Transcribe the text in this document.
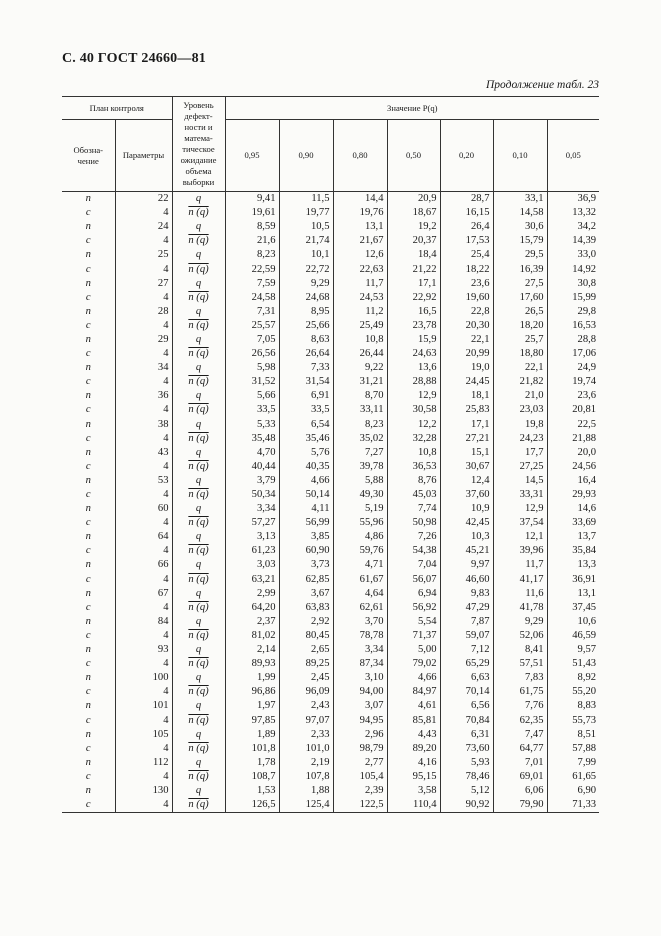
С. 40 ГОСТ 24660—81
Продолжение табл. 23
План контроля		Уровень дефект-ности и матема-тическое ожидание объема выборки	Значение P(q)						
Обозна-чение	Параметры		0,95	0,90	0,80	0,50	0,20	0,10	0,05
n	22	q	9,41	11,5	14,4	20,9	28,7	33,1	36,9
c	4	n (q)	19,61	19,77	19,76	18,67	16,15	14,58	13,32
n	24	q	8,59	10,5	13,1	19,2	26,4	30,6	34,2
c	4	n (q)	21,6	21,74	21,67	20,37	17,53	15,79	14,39
n	25	q	8,23	10,1	12,6	18,4	25,4	29,5	33,0
c	4	n (q)	22,59	22,72	22,63	21,22	18,22	16,39	14,92
n	27	q	7,59	9,29	11,7	17,1	23,6	27,5	30,8
c	4	n (q)	24,58	24,68	24,53	22,92	19,60	17,60	15,99
n	28	q	7,31	8,95	11,2	16,5	22,8	26,5	29,8
c	4	n (q)	25,57	25,66	25,49	23,78	20,30	18,20	16,53
n	29	q	7,05	8,63	10,8	15,9	22,1	25,7	28,8
c	4	n (q)	26,56	26,64	26,44	24,63	20,99	18,80	17,06
n	34	q	5,98	7,33	9,22	13,6	19,0	22,1	24,9
c	4	n (q)	31,52	31,54	31,21	28,88	24,45	21,82	19,74
n	36	q	5,66	6,91	8,70	12,9	18,1	21,0	23,6
c	4	n (q)	33,5	33,5	33,11	30,58	25,83	23,03	20,81
n	38	q	5,33	6,54	8,23	12,2	17,1	19,8	22,5
c	4	n (q)	35,48	35,46	35,02	32,28	27,21	24,23	21,88
n	43	q	4,70	5,76	7,27	10,8	15,1	17,7	20,0
c	4	n (q)	40,44	40,35	39,78	36,53	30,67	27,25	24,56
n	53	q	3,79	4,66	5,88	8,76	12,4	14,5	16,4
c	4	n (q)	50,34	50,14	49,30	45,03	37,60	33,31	29,93
n	60	q	3,34	4,11	5,19	7,74	10,9	12,9	14,6
c	4	n (q)	57,27	56,99	55,96	50,98	42,45	37,54	33,69
n	64	q	3,13	3,85	4,86	7,26	10,3	12,1	13,7
c	4	n (q)	61,23	60,90	59,76	54,38	45,21	39,96	35,84
n	66	q	3,03	3,73	4,71	7,04	9,97	11,7	13,3
c	4	n (q)	63,21	62,85	61,67	56,07	46,60	41,17	36,91
n	67	q	2,99	3,67	4,64	6,94	9,83	11,6	13,1
c	4	n (q)	64,20	63,83	62,61	56,92	47,29	41,78	37,45
n	84	q	2,37	2,92	3,70	5,54	7,87	9,29	10,6
c	4	n (q)	81,02	80,45	78,78	71,37	59,07	52,06	46,59
n	93	q	2,14	2,65	3,34	5,00	7,12	8,41	9,57
c	4	n (q)	89,93	89,25	87,34	79,02	65,29	57,51	51,43
n	100	q	1,99	2,45	3,10	4,66	6,63	7,83	8,92
c	4	n (q)	96,86	96,09	94,00	84,97	70,14	61,75	55,20
n	101	q	1,97	2,43	3,07	4,61	6,56	7,76	8,83
c	4	n (q)	97,85	97,07	94,95	85,81	70,84	62,35	55,73
n	105	q	1,89	2,33	2,96	4,43	6,31	7,47	8,51
c	4	n (q)	101,8	101,0	98,79	89,20	73,60	64,77	57,88
n	112	q	1,78	2,19	2,77	4,16	5,93	7,01	7,99
c	4	n (q)	108,7	107,8	105,4	95,15	78,46	69,01	61,65
n	130	q	1,53	1,88	2,39	3,58	5,12	6,06	6,90
c	4	n (q)	126,5	125,4	122,5	110,4	90,92	79,90	71,33
